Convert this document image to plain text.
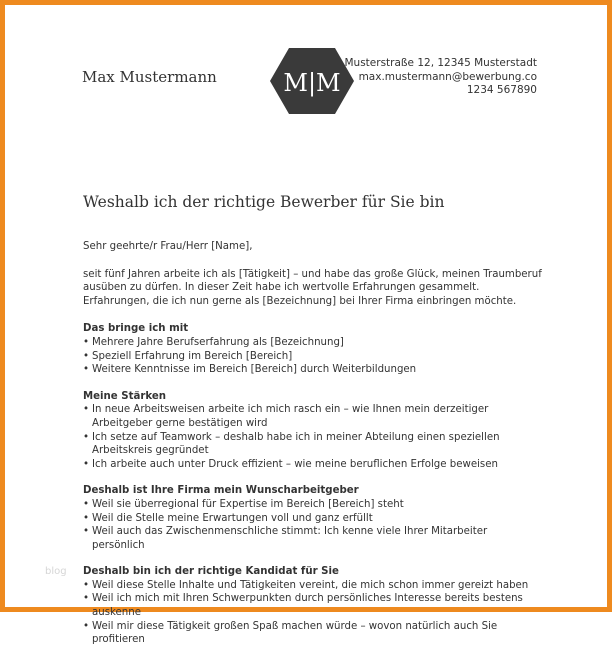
Max Mustermann	M|M
Musterstraße 12, 12345 Musterstadt
max.mustermann@bewerbung.co
1234 567890
Weshalb ich der richtige Bewerber für Sie bin

Sehr geehrte/r Frau/Herr [Name],

seit fünf Jahren arbeite ich als [Tätigkeit] – und habe das große Glück, meinen Traumberuf ausüben zu dürfen. In dieser Zeit habe ich wertvolle Erfahrungen gesammelt. Erfahrungen, die ich nun gerne als [Bezeichnung] bei Ihrer Firma einbringen möchte.

Das bringe ich mit
• Mehrere Jahre Berufserfahrung als [Bezeichnung]
• Speziell Erfahrung im Bereich [Bereich]
• Weitere Kenntnisse im Bereich [Bereich] durch Weiterbildungen
Meine Stärken
• In neue Arbeitsweisen arbeite ich mich rasch ein – wie Ihnen mein derzeitiger Arbeitgeber gerne bestätigen wird
• Ich setze auf Teamwork – deshalb habe ich in meiner Abteilung einen speziellen Arbeitskreis gegründet
• Ich arbeite auch unter Druck effizient – wie meine beruflichen Erfolge beweisen
Deshalb ist Ihre Firma mein Wunscharbeitgeber
• Weil sie überregional für Expertise im Bereich [Bereich] steht
• Weil die Stelle meine Erwartungen voll und ganz erfüllt
• Weil auch das Zwischenmenschliche stimmt: Ich kenne viele Ihrer Mitarbeiter persönlich
Deshalb bin ich der richtige Kandidat für Sie
• Weil diese Stelle Inhalte und Tätigkeiten vereint, die mich schon immer gereizt haben
• Weil ich mich mit Ihren Schwerpunkten durch persönliches Interesse bereits bestens auskenne
• Weil mir diese Tätigkeit großen Spaß machen würde – wovon natürlich auch Sie profitieren
blog
